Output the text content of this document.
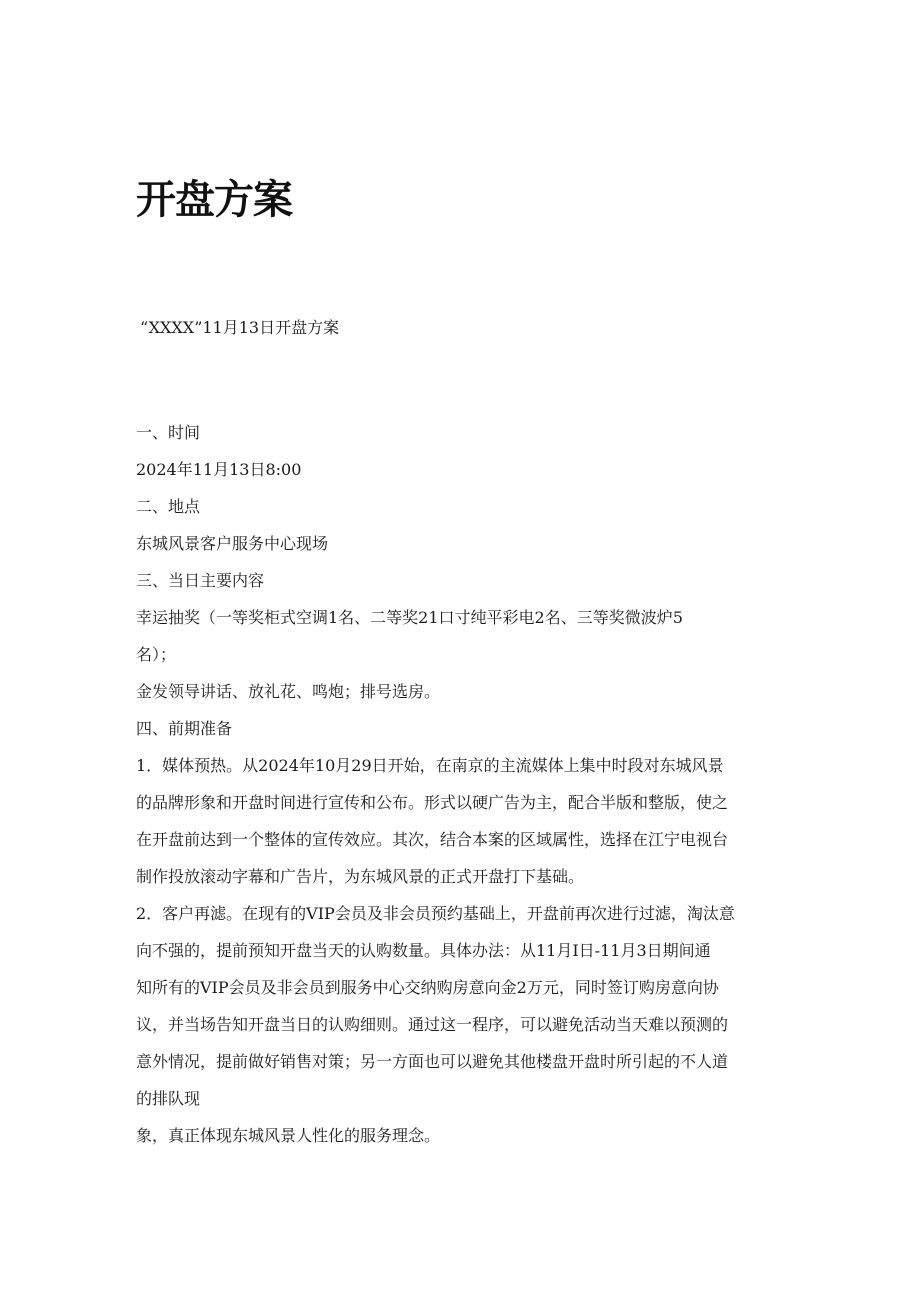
开盘方案

“XXXX”11月13日开盘方案

一、时间
2024年11月13日8:00
二、地点
东城风景客户服务中心现场
三、当日主要内容
幸运抽奖（一等奖柜式空调1名、二等奖21口寸纯平彩电2名、三等奖微波炉5
名）；
金发领导讲话、放礼花、鸣炮；排号选房。
四、前期准备
1．媒体预热。从2024年10月29日开始，在南京的主流媒体上集中时段对东城风景
的品牌形象和开盘时间进行宣传和公布。形式以硬广告为主，配合半版和整版，使之
在开盘前达到一个整体的宣传效应。其次，结合本案的区域属性，选择在江宁电视台
制作投放滚动字幕和广告片，为东城风景的正式开盘打下基础。
2．客户再滤。在现有的VIP会员及非会员预约基础上，开盘前再次进行过滤，淘汰意
向不强的，提前预知开盘当天的认购数量。具体办法：从11月I日-11月3日期间通
知所有的VIP会员及非会员到服务中心交纳购房意向金2万元，同时签订购房意向协
议，并当场告知开盘当日的认购细则。通过这一程序，可以避免活动当天难以预测的
意外情况，提前做好销售对策；另一方面也可以避免其他楼盘开盘时所引起的不人道
的排队现
象，真正体现东城风景人性化的服务理念。
